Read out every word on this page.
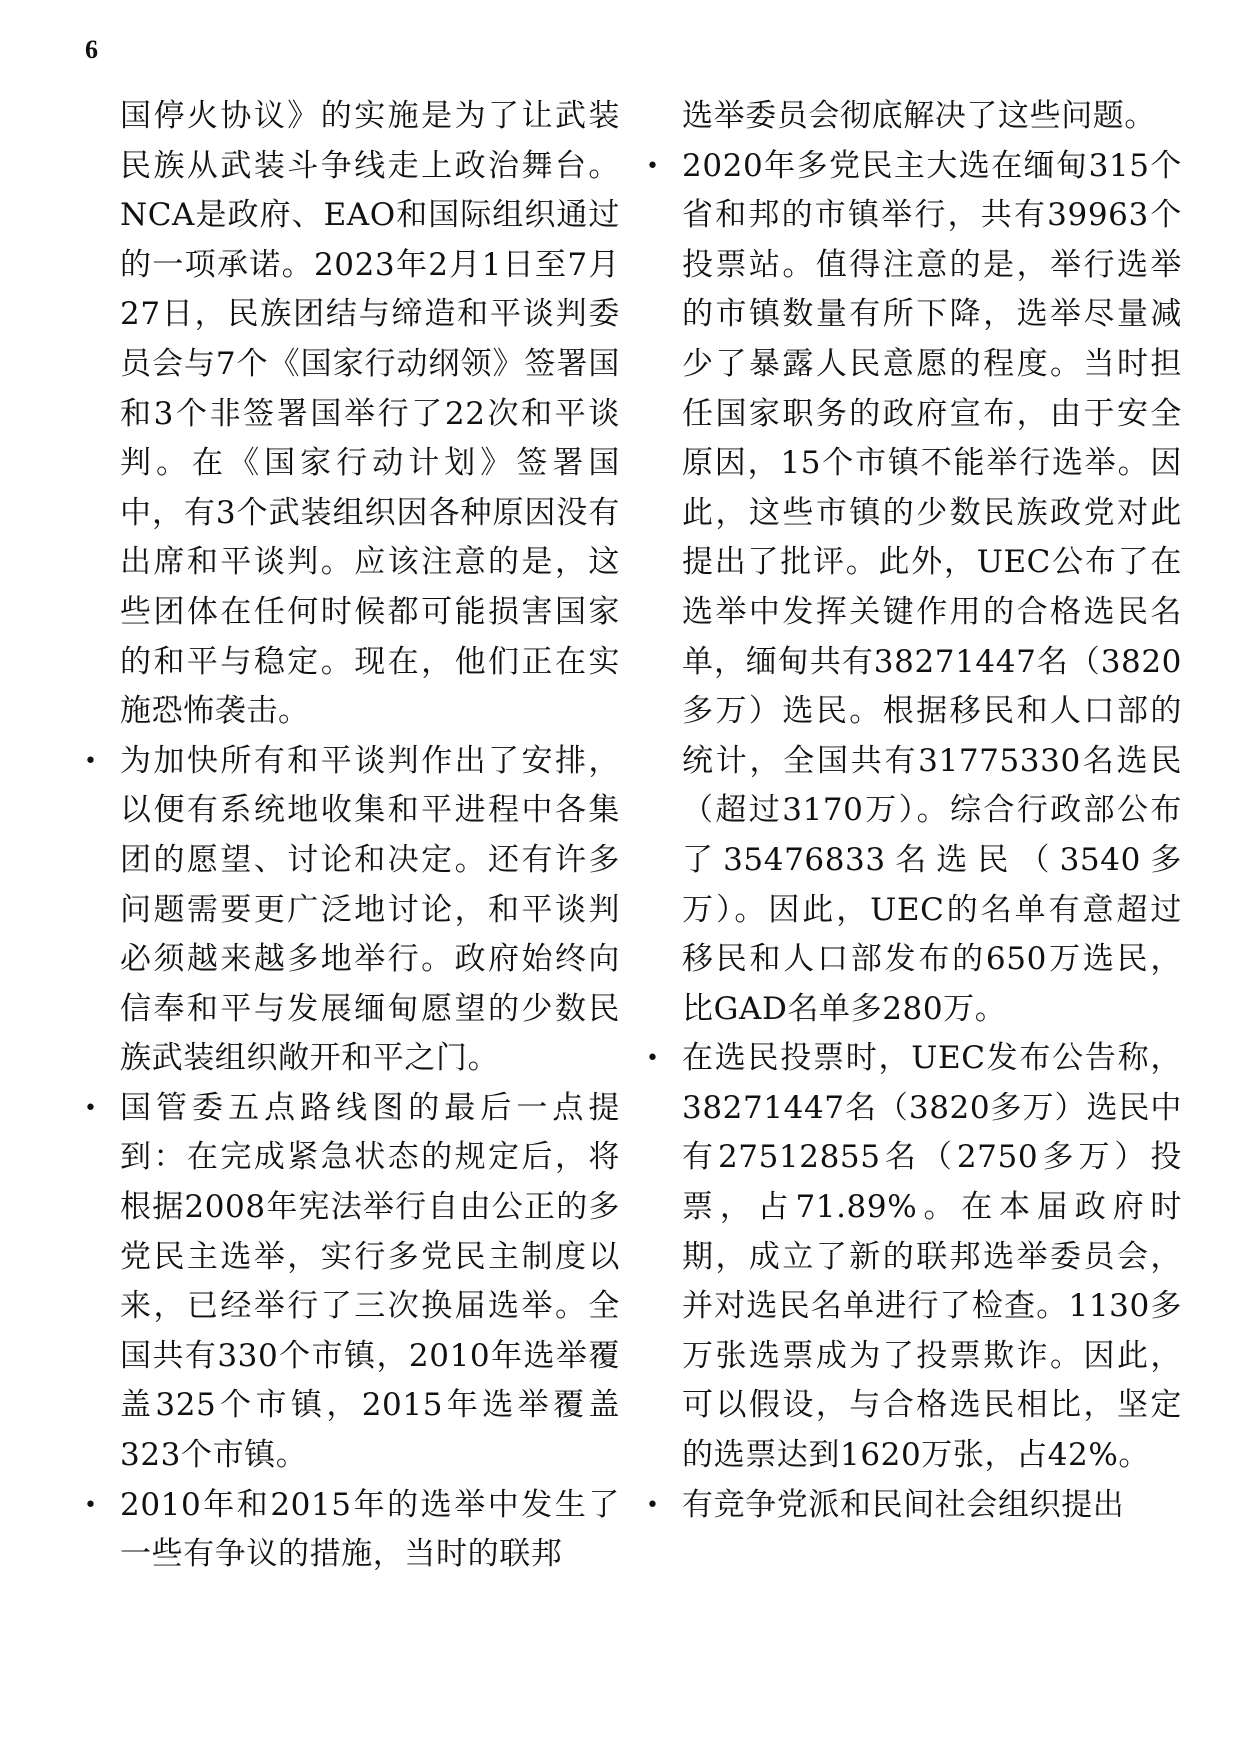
6

国停火协议》的实施是为了让武装民族从武装斗争线走上政治舞台。NCA是政府、EAO和国际组织通过的一项承诺。2023年2月1日至7月27日，民族团结与缔造和平谈判委员会与7个《国家行动纲领》签署国和3个非签署国举行了22次和平谈判。在《国家行动计划》签署国中，有3个武装组织因各种原因没有出席和平谈判。应该注意的是，这些团体在任何时候都可能损害国家的和平与稳定。现在，他们正在实施恐怖袭击。

• 为加快所有和平谈判作出了安排，以便有系统地收集和平进程中各集团的愿望、讨论和决定。还有许多问题需要更广泛地讨论，和平谈判必须越来越多地举行。政府始终向信奉和平与发展缅甸愿望的少数民族武装组织敞开和平之门。

• 国管委五点路线图的最后一点提到：在完成紧急状态的规定后，将根据2008年宪法举行自由公正的多党民主选举，实行多党民主制度以来，已经举行了三次换届选举。全国共有330个市镇，2010年选举覆盖325个市镇，2015年选举覆盖323个市镇。

• 2010年和2015年的选举中发生了一些有争议的措施，当时的联邦

选举委员会彻底解决了这些问题。

• 2020年多党民主大选在缅甸315个省和邦的市镇举行，共有39963个投票站。值得注意的是，举行选举的市镇数量有所下降，选举尽量减少了暴露人民意愿的程度。当时担任国家职务的政府宣布，由于安全原因，15个市镇不能举行选举。因此，这些市镇的少数民族政党对此提出了批评。此外，UEC公布了在选举中发挥关键作用的合格选民名单，缅甸共有38271447名（3820多万）选民。根据移民和人口部的统计，全国共有31775330名选民（超过3170万）。综合行政部公布了35476833名选民（3540多万）。因此，UEC的名单有意超过移民和人口部发布的650万选民，比GAD名单多280万。

• 在选民投票时，UEC发布公告称，38271447名（3820多万）选民中有27512855名（2750多万）投票，占71.89%。在本届政府时期，成立了新的联邦选举委员会，并对选民名单进行了检查。1130多万张选票成为了投票欺诈。因此，可以假设，与合格选民相比，坚定的选票达到1620万张，占42%。

• 有竞争党派和民间社会组织提出
